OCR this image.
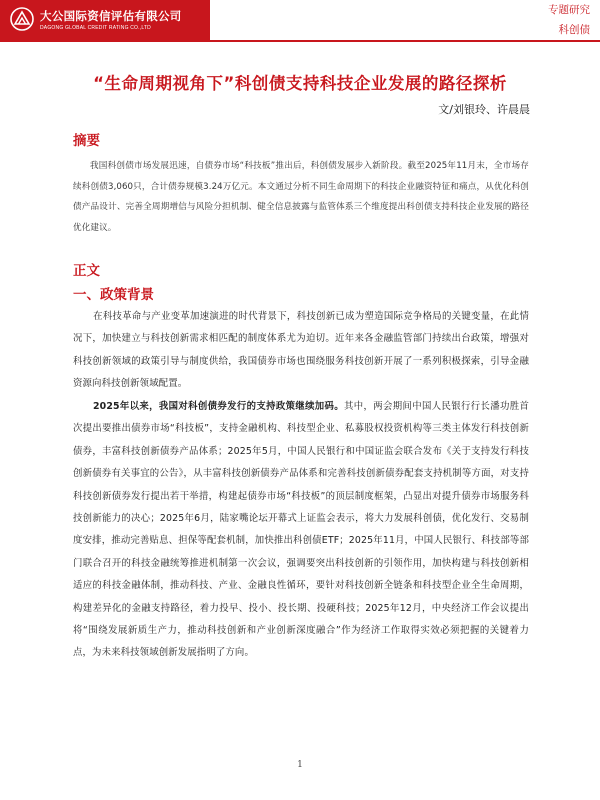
大公国际资信评估有限公司
DAGONG GLOBAL CREDIT RATING CO.,LTD
专题研究
科创债
“生命周期视角下”科创债支持科技企业发展的路径探析
文/刘银玲、许晨晨
摘要
我国科创债市场发展迅速，自债券市场“科技板”推出后，科创债发展步入新阶段。截至2025年11月末，全市场存续科创债3,060只，合计债券规模3.24万亿元。本文通过分析不同生命周期下的科技企业融资特征和痛点，从优化科创债产品设计、完善全周期增信与风险分担机制、健全信息披露与监管体系三个维度提出科创债支持科技企业发展的路径优化建议。
正文
一、政策背景
在科技革命与产业变革加速演进的时代背景下，科技创新已成为塑造国际竞争格局的关键变量，在此情况下，加快建立与科技创新需求相匹配的制度体系尤为迫切。近年来各金融监管部门持续出台政策，增强对科技创新领域的政策引导与制度供给，我国债券市场也围绕服务科技创新开展了一系列积极探索，引导金融资源向科技创新领域配置。
2025年以来，我国对科创债券发行的支持政策继续加码。其中，两会期间中国人民银行行长潘功胜首次提出要推出债券市场“科技板”，支持金融机构、科技型企业、私募股权投资机构等三类主体发行科技创新债券，丰富科技创新债券产品体系；2025年5月，中国人民银行和中国证监会联合发布《关于支持发行科技创新债券有关事宜的公告》，从丰富科技创新债券产品体系和完善科技创新债券配套支持机制等方面，对支持科技创新债券发行提出若干举措，构建起债券市场“科技板”的顶层制度框架，凸显出对提升债券市场服务科技创新能力的决心；2025年6月，陆家嘴论坛开幕式上证监会表示，将大力发展科创债，优化发行、交易制度安排，推动完善贴息、担保等配套机制，加快推出科创债ETF；2025年11月，中国人民银行、科技部等部门联合召开的科技金融统筹推进机制第一次会议，强调要突出科技创新的引领作用，加快构建与科技创新相适应的科技金融体制，推动科技、产业、金融良性循环，要针对科技创新全链条和科技型企业全生命周期，构建差异化的金融支持路径，着力投早、投小、投长期、投硬科技；2025年12月，中央经济工作会议提出将“围绕发展新质生产力，推动科技创新和产业创新深度融合”作为经济工作取得实效必须把握的关键着力点，为未来科技领域创新发展指明了方向。
1
